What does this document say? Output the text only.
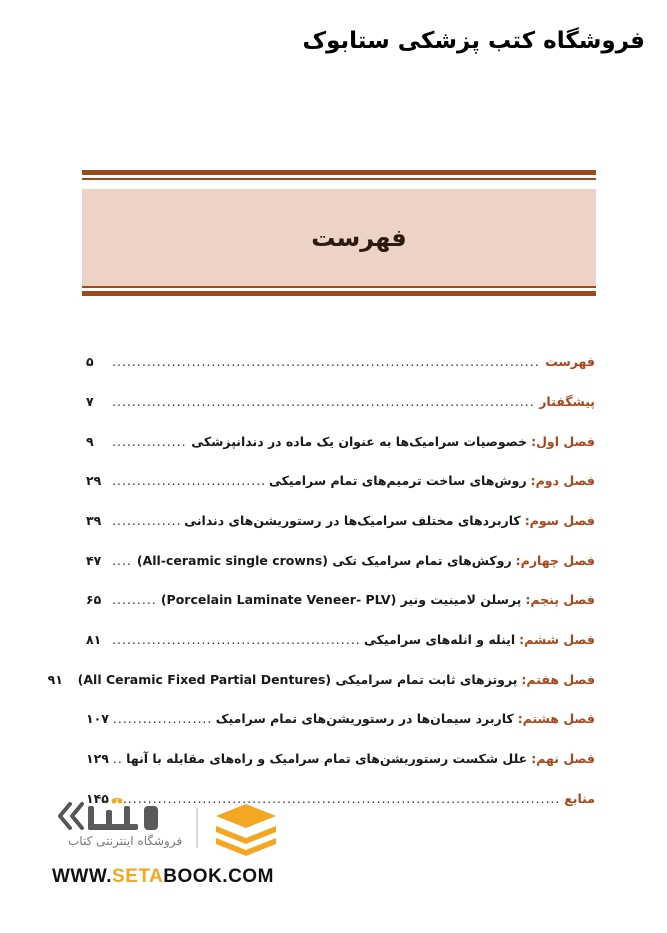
فروشگاه کتب پزشکی ستابوک
فهرست
فهرست
.....
۵
پیشگفتار
.....
۷
فصل اول:
خصوصیات سرامیک‌ها به عنوان یک ماده در دندانپزشکی
.....
۹
فصل دوم:
روش‌های ساخت ترمیم‌های تمام سرامیکی
.....
۲۹
فصل سوم:
کاربردهای مختلف سرامیک‌ها در رستوریشن‌های دندانی
.....
۳۹
فصل چهارم:
روکش‌های تمام سرامیک تکی (All-ceramic single crowns)
.....
۴۷
فصل پنجم:
پرسلن لامینیت ونیر (Porcelain Laminate Veneer- PLV)
.....
۶۵
فصل ششم:
اینله و انله‌های سرامیکی
.....
۸۱
فصل هفتم:
پروتزهای ثابت تمام سرامیکی (All Ceramic Fixed Partial Dentures)
۹۱
فصل هشتم:
کاربرد سیمان‌ها در رستوریشن‌های تمام سرامیک
.....
۱۰۷
فصل نهم:
علل شکست رستوریشن‌های تمام سرامیک و راه‌های مقابله با آنها
.....
۱۲۹
منابع
.....
۱۴۵
فروشگاه اینترنتی کتاب
WWW.SETABOOK.COM
